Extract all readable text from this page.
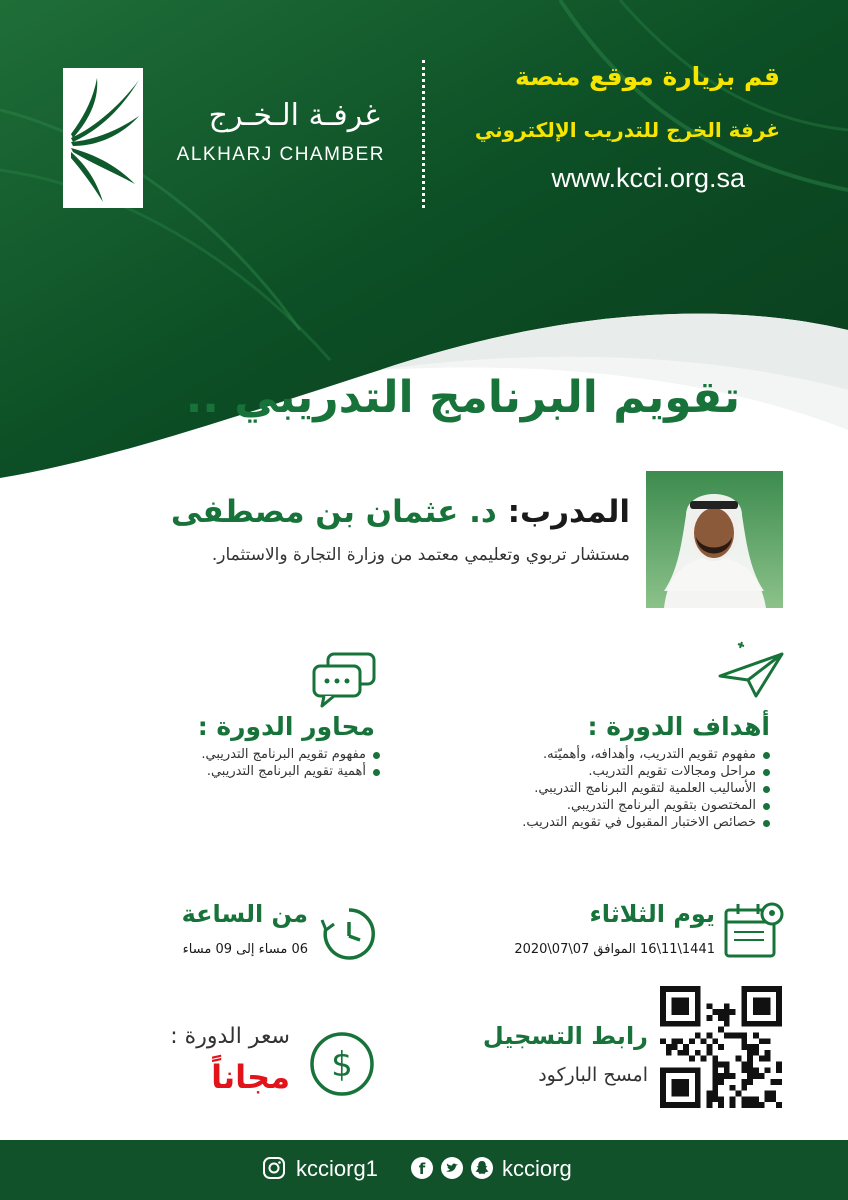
غرفـة الـخـرج
ALKHARJ CHAMBER
قم بزيارة موقع منصة
غرفة الخرج للتدريب الإلكتروني
www.kcci.org.sa
تقويم البرنامج التدريبي ..
المدرب: د. عثمان بن مصطفى
مستشار تربوي وتعليمي معتمد من وزارة التجارة والاستثمار.
أهداف الدورة :
مفهوم تقويم التدريب، وأهدافه، وأهميّته.
مراحل ومجالات تقويم التدريب.
الأساليب العلمية لتقويم البرنامج التدريبي.
المختصون بتقويم البرنامج التدريبي.
خصائص الاختبار المقبول في تقويم التدريب.
محاور الدورة :
مفهوم تقويم البرنامج التدريبي.
أهمية تقويم البرنامج التدريبي.
يوم الثلاثاء
1441\11\16 الموافق 07\07\2020
من الساعة
06 مساء إلى 09 مساء
رابط التسجيل
امسح الباركود
$
سعر الدورة :
مجاناً
kcciorg1	f	kcciorg
